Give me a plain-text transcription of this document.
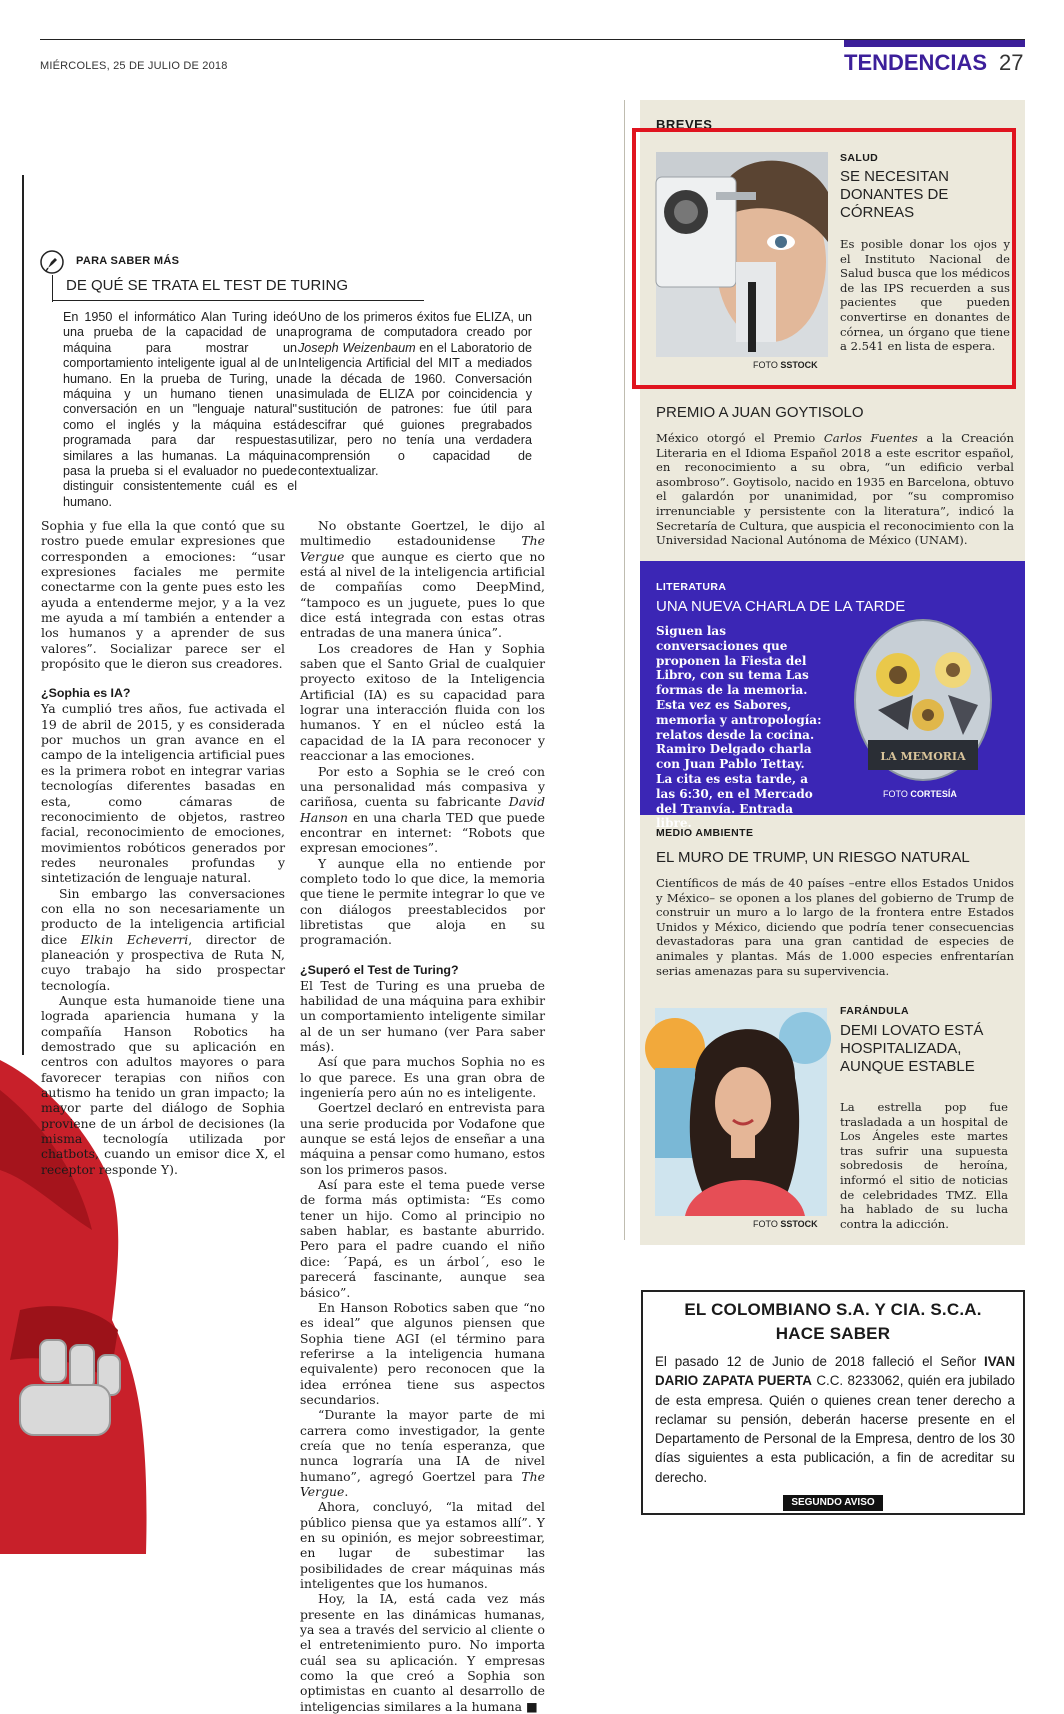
MIÉRCOLES, 25 DE JULIO DE 2018	TENDENCIAS 27
PARA SABER MÁS
DE QUÉ SE TRATA EL TEST DE TURING
En 1950 el informático Alan Turing ideó una prueba de la capacidad de una máquina para mostrar un comportamiento inteligente igual al de un humano. En la prueba de Turing, una máquina y un humano tienen una conversación en un "lenguaje natural" como el inglés y la máquina está programada para dar respuestas similares a las humanas. La máquina pasa la prueba si el evaluador no puede distinguir consistentemente cuál es el humano.
Uno de los primeros éxitos fue ELIZA, un programa de computadora creado por Joseph Weizenbaum en el Laboratorio de Inteligencia Artificial del MIT a mediados de la década de 1960. Conversación simulada de ELIZA por coincidencia y sustitución de patrones: fue útil para descifrar qué guiones pregrabados utilizar, pero no tenía una verdadera comprensión o capacidad de contextualizar.

Sophia y fue ella la que contó que su rostro puede emular expresiones que corresponden a emociones: “usar expresiones faciales me permite conectarme con la gente pues esto les ayuda a entenderme mejor, y a la vez me ayuda a mí también a entender a los humanos y a aprender de sus valores”. Socializar parece ser el propósito que le dieron sus creadores.

¿Sophia es IA?

Ya cumplió tres años, fue activada el 19 de abril de 2015, y es considerada por muchos un gran avance en el campo de la inteligencia artificial pues es la primera robot en integrar varias tecnologías diferentes basadas en esta, como cámaras de reconocimiento de objetos, rastreo facial, reconocimiento de emociones, movimientos robóticos generados por redes neuronales profundas y sintetización de lenguaje natural.

Sin embargo las conversaciones con ella no son necesariamente un producto de la inteligencia artificial dice Elkin Echeverri, director de planeación y prospectiva de Ruta N, cuyo trabajo ha sido prospectar tecnología.

Aunque esta humanoide tiene una lograda apariencia humana y la compañía Hanson Robotics ha demostrado que su aplicación en centros con adultos mayores o para favorecer terapias con niños con autismo ha tenido un gran impacto; la mayor parte del diálogo de Sophia proviene de un árbol de decisiones (la misma tecnología utilizada por chatbots, cuando un emisor dice X, el receptor responde Y).

No obstante Goertzel, le dijo al multimedio estadounidense The Vergue que aunque es cierto que no está al nivel de la inteligencia artificial de compañías como DeepMind, “tampoco es un juguete, pues lo que dice está integrada con estas otras entradas de una manera única”.

Los creadores de Han y Sophia saben que el Santo Grial de cualquier proyecto exitoso de la Inteligencia Artificial (IA) es su capacidad para lograr una interacción fluida con los humanos. Y en el núcleo está la capacidad de la IA para reconocer y reaccionar a las emociones.

Por esto a Sophia se le creó con una personalidad más compasiva y cariñosa, cuenta su fabricante David Hanson en una charla TED que puede encontrar en internet: “Robots que expresan emociones”.

Y aunque ella no entiende por completo todo lo que dice, la memoria que tiene le permite integrar lo que ve con diálogos preestablecidos por libretistas que aloja en su programación.

¿Superó el Test de Turing?

El Test de Turing es una prueba de habilidad de una máquina para exhibir un comportamiento inteligente similar al de un ser humano (ver Para saber más).

Así que para muchos Sophia no es lo que parece. Es una gran obra de ingeniería pero aún no es inteligente.

Goertzel declaró en entrevista para una serie producida por Vodafone que aunque se está lejos de enseñar a una máquina a pensar como humano, estos son los primeros pasos.

Así para este el tema puede verse de forma más optimista: “Es como tener un hijo. Como al principio no saben hablar, es bastante aburrido. Pero para el padre cuando el niño dice: ´Papá, es un árbol´, eso le parecerá fascinante, aunque sea básico”.

En Hanson Robotics saben que “no es ideal” que algunos piensen que Sophia tiene AGI (el término para referirse a la inteligencia humana equivalente) pero reconocen que la idea errónea tiene sus aspectos secundarios.

“Durante la mayor parte de mi carrera como investigador, la gente creía que no tenía esperanza, que nunca lograría una IA de nivel humano”, agregó Goertzel para The Vergue.

Ahora, concluyó, “la mitad del público piensa que ya estamos allí”. Y en su opinión, es mejor sobreestimar, en lugar de subestimar las posibilidades de crear máquinas más inteligentes que los humanos.

Hoy, la IA, está cada vez más presente en las dinámicas humanas, ya sea a través del servicio al cliente o el entretenimiento puro. No importa cuál sea su aplicación. Y empresas como la que creó a Sophia son optimistas en cuanto al desarrollo de inteligencias similares a la humana ■

BREVES
FOTO SSTOCK
SALUD
SE NECESITAN DONANTES DE CÓRNEAS
Es posible donar los ojos y el Instituto Nacional de Salud busca que los médicos de las IPS recuerden a sus pacientes que pueden convertirse en donantes de córnea, un órgano que tiene a 2.541 en lista de espera.
PREMIO A JUAN GOYTISOLO
México otorgó el Premio Carlos Fuentes a la Creación Literaria en el Idioma Español 2018 a este escritor español, en reconocimiento a su obra, “un edificio verbal asombroso”. Goytisolo, nacido en 1935 en Barcelona, obtuvo el galardón por unanimidad, por “su compromiso irrenunciable y persistente con la literatura”, indicó la Secretaría de Cultura, que auspicia el reconocimiento con la Universidad Nacional Autónoma de México (UNAM).
LITERATURA
UNA NUEVA CHARLA DE LA TARDE
Siguen las conversaciones que proponen la Fiesta del Libro, con su tema Las formas de la memoria. Esta vez es Sabores, memoria y antropología: relatos desde la cocina. Ramiro Delgado charla con Juan Pablo Tettay. La cita es esta tarde, a las 6:30, en el Mercado del Tranvía. Entrada libre.
LA MEMORIA
FOTO CORTESÍA
MEDIO AMBIENTE
EL MURO DE TRUMP, UN RIESGO NATURAL
Científicos de más de 40 países –entre ellos Estados Unidos y México– se oponen a los planes del gobierno de Trump de construir un muro a lo largo de la frontera entre Estados Unidos y México, diciendo que podría tener consecuencias devastadoras para una gran cantidad de especies de animales y plantas. Más de 1.000 especies enfrentarían serias amenazas para su supervivencia.
FOTO SSTOCK
FARÁNDULA
DEMI LOVATO ESTÁ HOSPITALIZADA, AUNQUE ESTABLE
La estrella pop fue trasladada a un hospital de Los Ángeles este martes tras sufrir una supuesta sobredosis de heroína, informó el sitio de noticias de celebridades TMZ. Ella ha hablado de su lucha contra la adicción.
EL COLOMBIANO S.A. Y CIA. S.C.A.
HACE SABER
El pasado 12 de Junio de 2018 falleció el Señor IVAN DARIO ZAPATA PUERTA C.C. 8233062, quién era jubilado de esta empresa. Quién o quienes crean tener derecho a reclamar su pensión, deberán hacerse presente en el Departamento de Personal de la Empresa, dentro de los 30 días siguientes a esta publicación, a fin de acreditar su derecho.
SEGUNDO AVISO
